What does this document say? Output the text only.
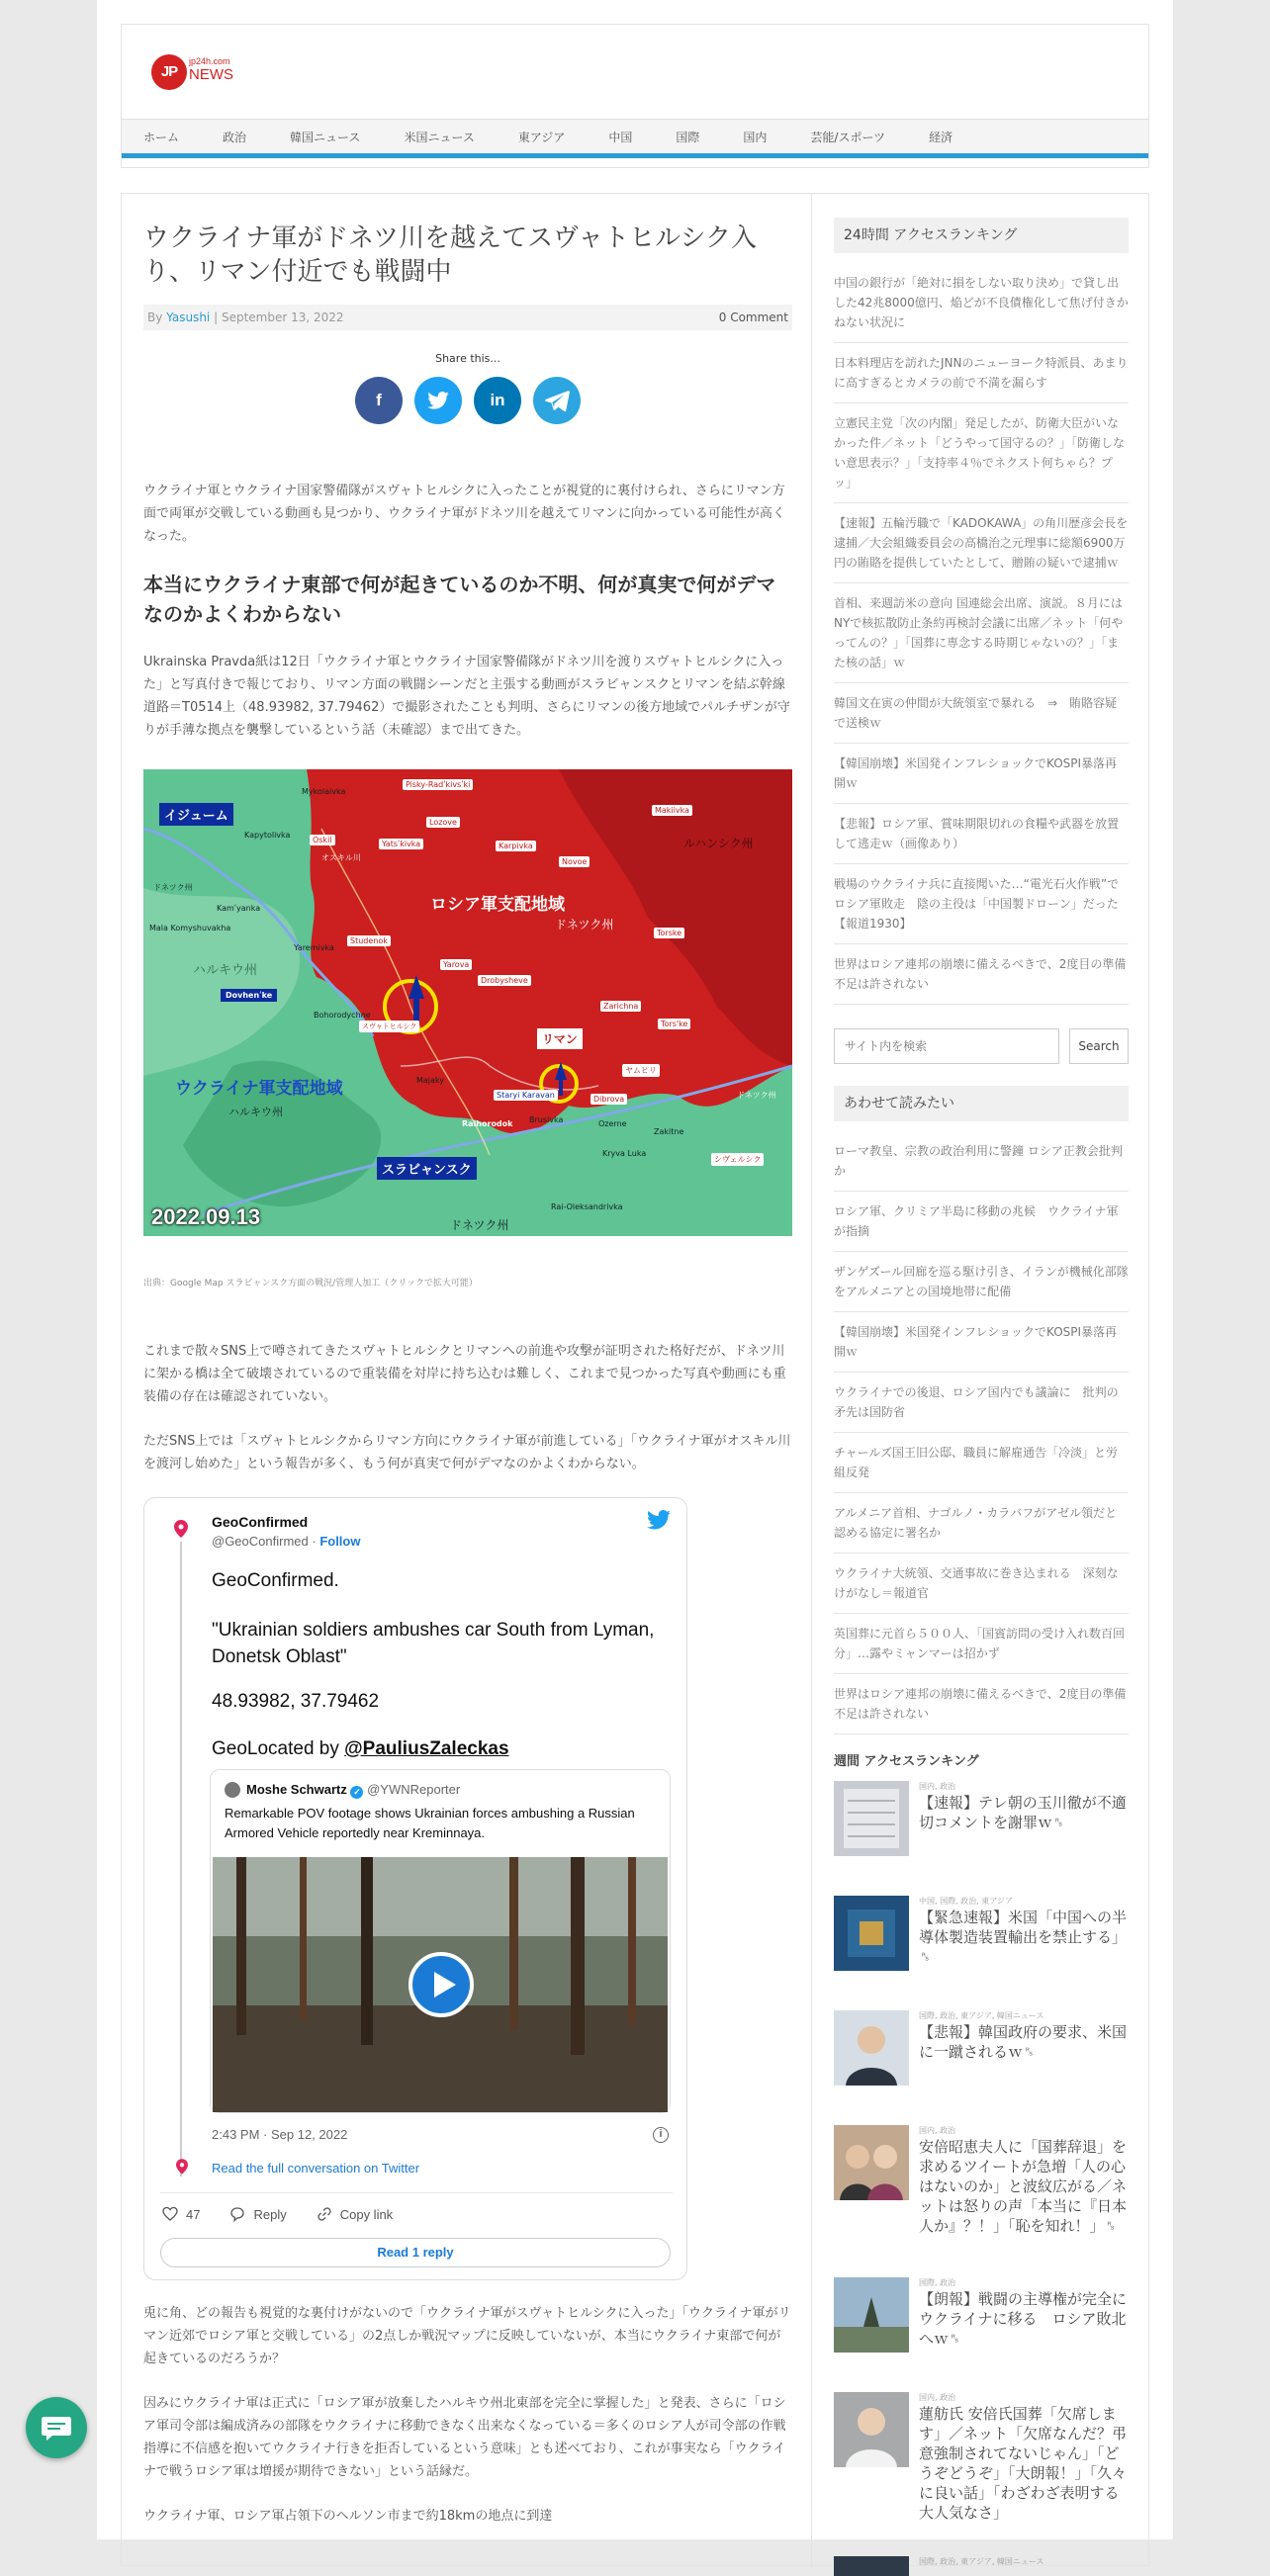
JP
jp24h.com
NEWS
ホーム	政治	韓国ニュース	米国ニュース	東アジア	中国	国際	国内	芸能/スポーツ	経済
ウクライナ軍がドネツ川を越えてスヴャトヒルシク入り、リマン付近でも戦闘中
By Yasushi | September 13, 2022	0 Comment
Share this...
f	in

ウクライナ軍とウクライナ国家警備隊がスヴャトヒルシクに入ったことが視覚的に裏付けられ、さらにリマン方面で両軍が交戦している動画も見つかり、ウクライナ軍がドネツ川を越えてリマンに向かっている可能性が高くなった。

本当にウクライナ東部で何が起きているのか不明、何が真実で何がデマなのかよくわからない

Ukrainska Pravda紙は12日「ウクライナ軍とウクライナ国家警備隊がドネツ川を渡りスヴャトヒルシクに入った」と写真付きで報じており、リマン方面の戦闘シーンだと主張する動画がスラビャンスクとリマンを結ぶ幹線道路＝T0514上（48.93982, 37.79462）で撮影されたことも判明、さらにリマンの後方地域でパルチザンが守りが手薄な拠点を襲撃しているという話（未確認）まで出てきた。

イジューム
スラビャンスク
リマン
ロシア軍支配地域
ウクライナ軍支配地域
Pisky-Radʹkivsʹki
Makiivka
Lozove
Karpivka
Novoe
Mykolaivka
Oskil	Yatsʹkivka
Kapytolivka
Kamʹyanka
Studenok
Yaremivka
Dovhenʹke
Bohorodychne
Torske
Zarichna
Drobysheve
Tors'ke
Majaky
Raihorodok Brusivka	Ozerne
Dibrova
Kryva Luka
Zakitne
Staryi Karavan
Rai-Oleksandrivka
Mala Komyshuvakha
Yarova
ハルキウ州
ドネツク州
ドネツク州
ルハンシク州
ハルキウ州
ドネツク州
ヤムピリ
シヴェルシク
スヴャトヒルシク
オスキル川
ドネツク州
2022.09.13
出典：Google Map スラビャンスク方面の戦況/管理人加工（クリックで拡大可能）

これまで散々SNS上で噂されてきたスヴャトヒルシクとリマンへの前進や攻撃が証明された格好だが、ドネツ川に架かる橋は全て破壊されているので重装備を対岸に持ち込むは難しく、これまで見つかった写真や動画にも重装備の存在は確認されていない。

ただSNS上では「スヴャトヒルシクからリマン方向にウクライナ軍が前進している」「ウクライナ軍がオスキル川を渡河し始めた」という報告が多く、もう何が真実で何がデマなのかよくわからない。

GeoConfirmed
@GeoConfirmed · Follow
GeoConfirmed.
"Ukrainian soldiers ambushes car South from Lyman, Donetsk Oblast"
48.93982, 37.79462
GeoLocated by @PauliusZaleckas
Moshe Schwartz ✓ @YWNReporter
Remarkable POV footage shows Ukrainian forces ambushing a Russian Armored Vehicle reportedly near Kreminnaya.
2:43 PM · Sep 12, 2022	i
Read the full conversation on Twitter
47	Reply	Copy link
Read 1 reply

兎に角、どの報告も視覚的な裏付けがないので「ウクライナ軍がスヴャトヒルシクに入った」「ウクライナ軍がリマン近郊でロシア軍と交戦している」の2点しか戦況マップに反映していないが、本当にウクライナ東部で何が起きているのだろうか？

因みにウクライナ軍は正式に「ロシア軍が放棄したハルキウ州北東部を完全に掌握した」と発表、さらに「ロシア軍司令部は編成済みの部隊をウクライナに移動できなく出来なくなっている＝多くのロシア人が司令部の作戦指導に不信感を抱いてウクライナ行きを拒否しているという意味」とも述べており、これが事実なら「ウクライナで戦うロシア軍は増援が期待できない」という話縁だ。

ウクライナ軍、ロシア軍占領下のヘルソン市まで約18kmの地点に到達

24時間 アクセスランキング
中国の銀行が「絶対に損をしない取り決め」で貸し出した42兆8000億円、焔どが不良債権化して焦げ付きかねない状況に
日本料理店を訪れたJNNのニューヨーク特派員、あまりに高すぎるとカメラの前で不満を漏らす
立憲民主党「次の内閣」発足したが、防衛大臣がいなかった件／ネット「どうやって国守るの？」「防衛しない意思表示？」「支持率４％でネクスト何ちゃら？プッ」
【速報】五輪汚職で「KADOKAWA」の角川歴彦会長を逮捕／大会組織委員会の高橋治之元理事に総額6900万円の賄賂を提供していたとして、贈賄の疑いで逮捕ｗ
首相、来週訪米の意向 国連総会出席、演説。８月にはNYで核拡散防止条約再検討会議に出席／ネット「何やってんの？」「国葬に専念する時期じゃないの？」「また核の話」ｗ
韓国文在寅の仲間が大統領室で暴れる　⇒　賄賂容疑で送検ｗ
【韓国崩壊】米国発インフレショックでKOSPI暴落再開ｗ
【悲報】ロシア軍、賞味期限切れの食糧や武器を放置して逃走ｗ（画像あり）
戦場のウクライナ兵に直接聞いた…“電光石火作戦”でロシア軍敗走　陰の主役は「中国製ドローン」だった【報道1930】
世界はロシア連邦の崩壊に備えるべきで、2度目の準備不足は許されない
サイト内を検索
Search
あわせて読みたい
ローマ教皇、宗教の政治利用に警鐘 ロシア正教会批判か
ロシア軍、クリミア半島に移動の兆候　ウクライナ軍が指摘
ザンゲズール回廊を巡る駆け引き、イランが機械化部隊をアルメニアとの国境地帯に配備
【韓国崩壊】米国発インフレショックでKOSPI暴落再開ｗ
ウクライナでの後退、ロシア国内でも議論に　批判の矛先は国防省
チャールズ国王旧公邸、職員に解雇通告「冷淡」と労組反発
アルメニア首相、ナゴルノ・カラバフがアゼル領だと認める協定に署名か
ウクライナ大統領、交通事故に巻き込まれる　深刻なけがなし＝報道官
英国葬に元首ら５００人、「国賓訪問の受け入れ数百回分」…露やミャンマーは招かず
世界はロシア連邦の崩壊に備えるべきで、2度目の準備不足は許されない
週間 アクセスランキング
国内, 政治
【速報】テレ朝の玉川徹が不適切コメントを謝罪ｗ␞
中国, 国際, 政治, 東アジア
【緊急速報】米国「中国への半導体製造装置輸出を禁止する」␞
国際, 政治, 東アジア, 韓国ニュース
【悲報】韓国政府の要求、米国に一蹴されるｗ␞
国内, 政治
安倍昭恵夫人に「国葬辞退」を求めるツイートが急増「人の心はないのか」と波紋広がる／ネットは怒りの声「本当に『日本人か』？！」「恥を知れ！」␞
国際, 政治
【朗報】戦闘の主導権が完全にウクライナに移る　ロシア敗北へｗ␞
国内, 政治
蓮舫氏 安倍氏国葬「欠席します」／ネット「欠席なんだ？弔意強制されてないじゃん」「どうぞどうぞ」「大朗報！」「久々に良い話」「わざわざ表明する大人気なさ」
国際, 政治, 東アジア, 韓国ニュース
